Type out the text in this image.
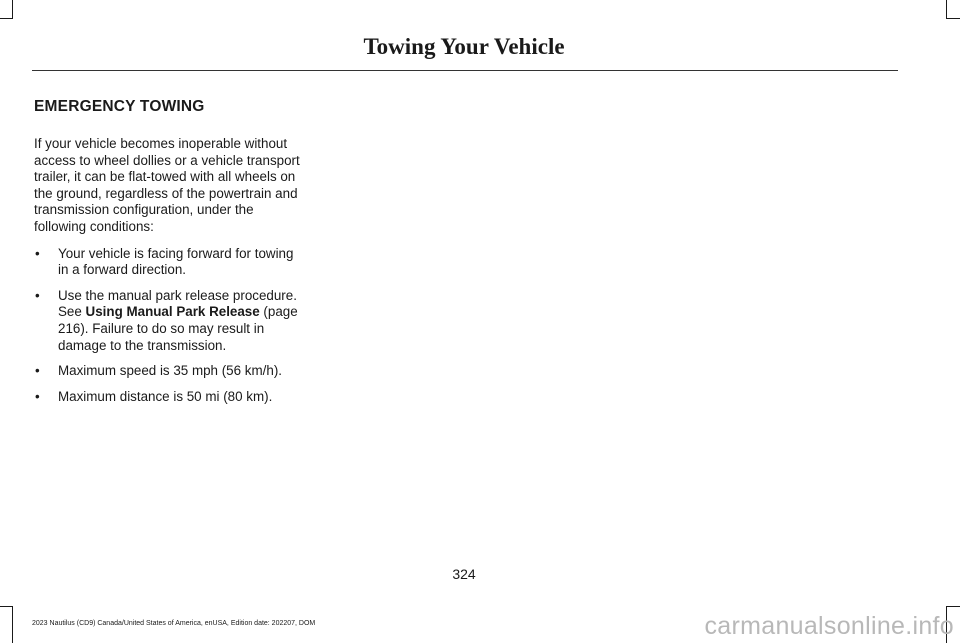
Towing Your Vehicle
EMERGENCY TOWING

If your vehicle becomes inoperable without access to wheel dollies or a vehicle transport trailer, it can be flat-towed with all wheels on the ground, regardless of the powertrain and transmission configuration, under the following conditions:

• Your vehicle is facing forward for towing in a forward direction.
• Use the manual park release procedure. See Using Manual Park Release (page 216). Failure to do so may result in damage to the transmission.
• Maximum speed is 35 mph (56 km/h).
• Maximum distance is 50 mi (80 km).
324
2023 Nautilus (CD9) Canada/United States of America, enUSA, Edition date: 202207, DOM	carmanualsonline.info
